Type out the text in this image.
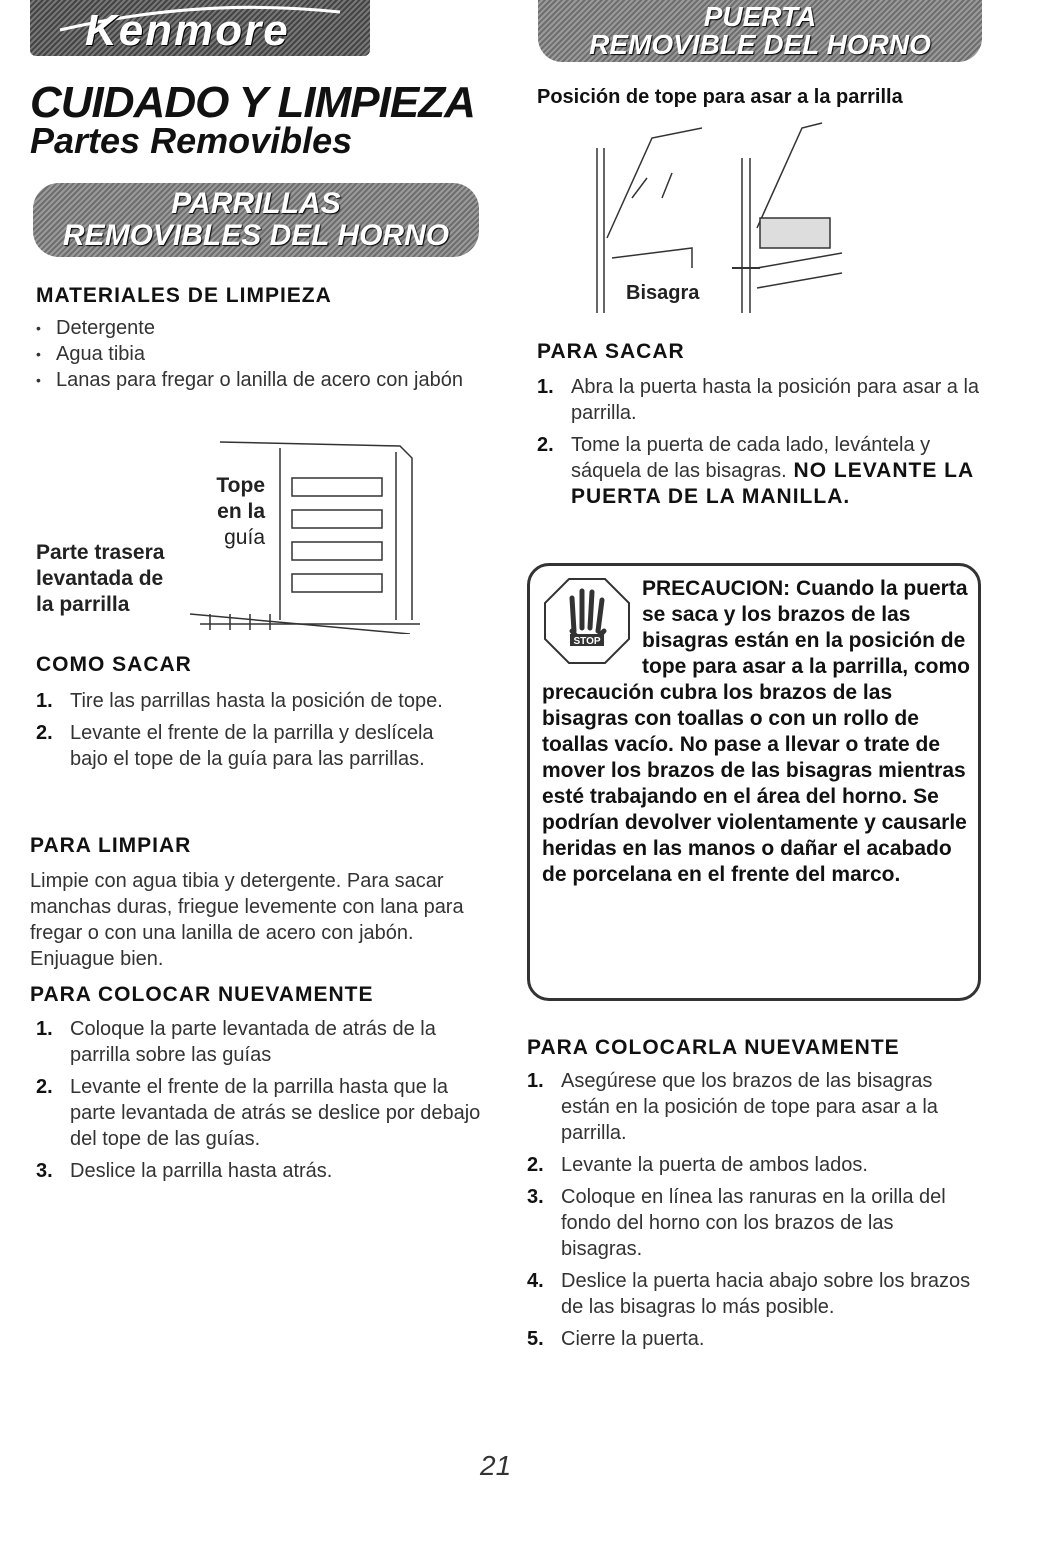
Kenmore
CUIDADO Y LIMPIEZA
Partes Removibles
PARRILLAS
REMOVIBLES DEL HORNO
MATERIALES DE LIMPIEZA
• Detergente
• Agua tibia
• Lanas para fregar o lanilla de acero con jabón
Tope
en la
guía
Parte trasera
levantada de
la parrilla
COMO SACAR
1. Tire las parrillas hasta la posición de tope.
2. Levante el frente de la parrilla y deslícela bajo el tope de la guía para las parrillas.
PARA LIMPIAR
Limpie con agua tibia y detergente. Para sacar manchas duras, friegue levemente con lana para fregar o con una lanilla de acero con jabón. Enjuague bien.
PARA COLOCAR NUEVAMENTE
1. Coloque la parte levantada de atrás de la parrilla sobre las guías
2. Levante el frente de la parrilla hasta que la parte levantada de atrás se deslice por debajo del tope de las guías.
3. Deslice la parrilla hasta atrás.
PUERTA
REMOVIBLE DEL HORNO
Posición de tope para asar a la parrilla
Bisagra
PARA SACAR
1. Abra la puerta hasta la posición para asar a la parrilla.
2. Tome la puerta de cada lado, levántela y sáquela de las bisagras. NO LEVANTE LA PUERTA DE LA MANILLA.
STOP
PRECAUCION: Cuando la puerta se saca y los brazos de las bisagras están en la posición de tope para asar a la parrilla, como precaución cubra los brazos de las bisagras con toallas o con un rollo de toallas vacío. No pase a llevar o trate de mover los brazos de las bisagras mientras esté trabajando en el área del horno. Se podrían devolver violentamente y causarle heridas en las manos o dañar el acabado de porcelana en el frente del marco.
PARA COLOCARLA NUEVAMENTE
1. Asegúrese que los brazos de las bisagras están en la posición de tope para asar a la parrilla.
2. Levante la puerta de ambos lados.
3. Coloque en línea las ranuras en la orilla del fondo del horno con los brazos de las bisagras.
4. Deslice la puerta hacia abajo sobre los brazos de las bisagras lo más posible.
5. Cierre la puerta.
21
